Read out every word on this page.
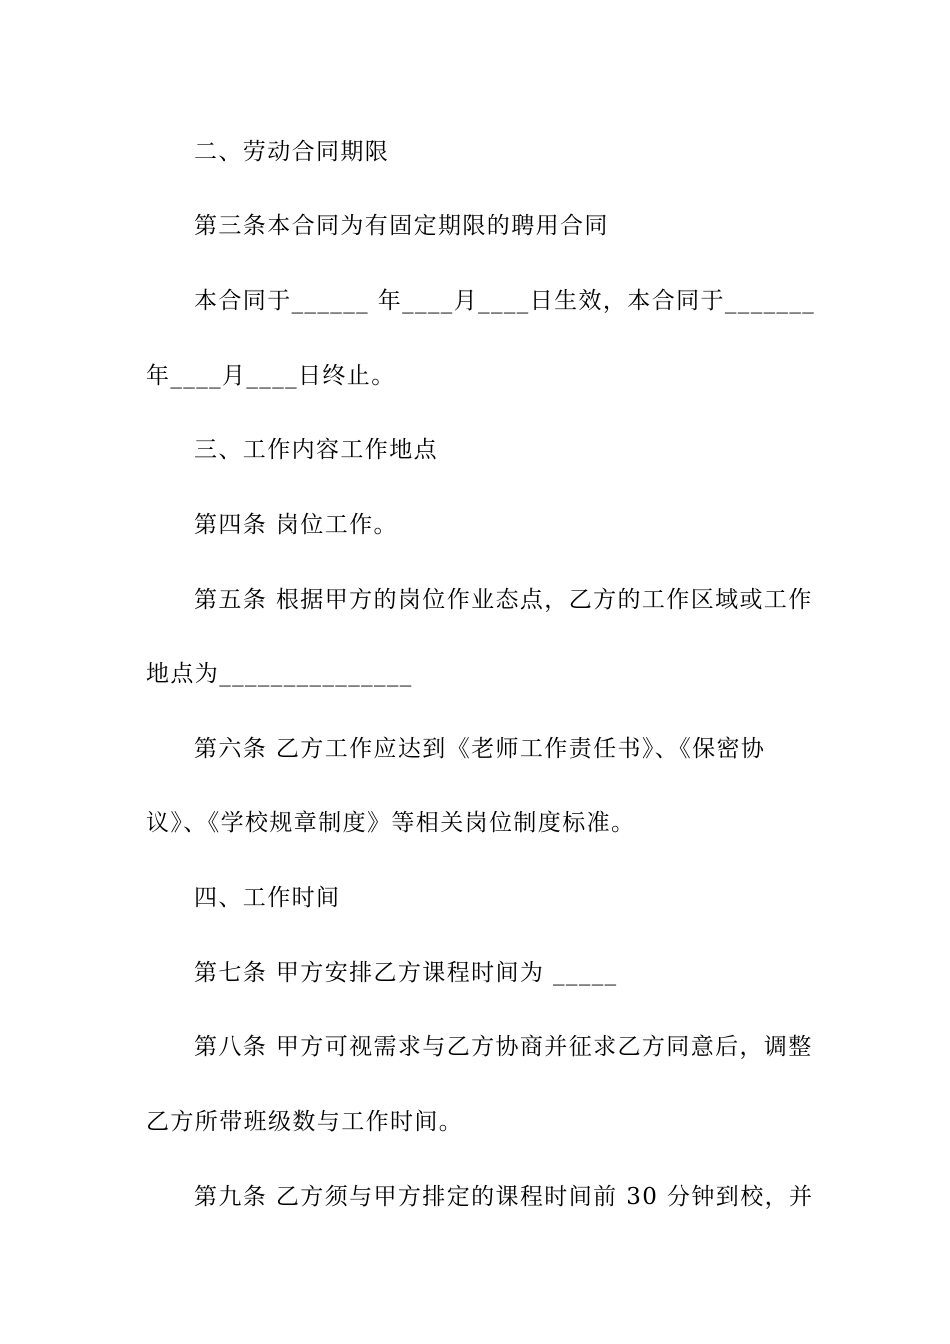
二、劳动合同期限
第三条本合同为有固定期限的聘用合同
本合同于______ 年____月____日生效，本合同于_______
年____月____日终止。
三、工作内容工作地点
第四条 岗位工作。
第五条 根据甲方的岗位作业态点，乙方的工作区域或工作
地点为_______________
第六条 乙方工作应达到《老师工作责任书》、《保密协
议》、《学校规章制度》等相关岗位制度标准。
四、工作时间
第七条 甲方安排乙方课程时间为 _____
第八条 甲方可视需求与乙方协商并征求乙方同意后，调整
乙方所带班级数与工作时间。
第九条 乙方须与甲方排定的课程时间前 30 分钟到校，并
